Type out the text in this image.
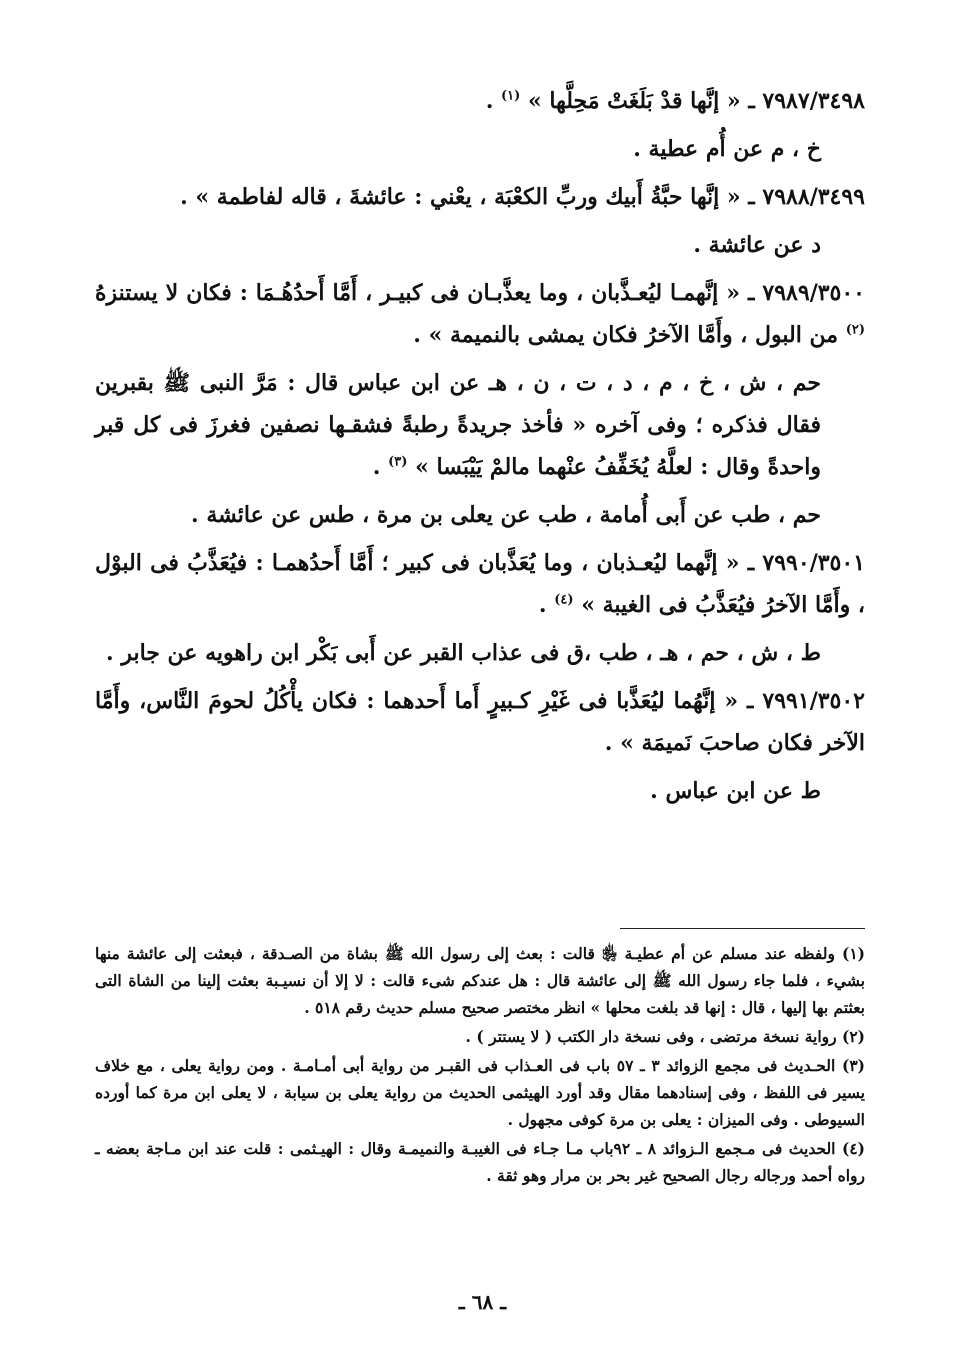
٧٩٨٧/٣٤٩٨ ـ « إنَّها قدْ بَلَغَتْ مَحِلَّها » $^{(١)}$ .

خ ، م عن أُم عطية .

٧٩٨٨/٣٤٩٩ ـ « إنَّها حبَّةُ أَبيك وربِّ الكعْبَة ، يعْني : عائشةَ ، قاله لفاطمة » .

د عن عائشة .

٧٩٨٩/٣٥٠٠ ـ « إنَّهمـا ليُعـذَّبان ، وما يعذَّبـان فى كبيـر ، أَمَّا أَحدُهُـمَا : فكان لا يستنزهُ $^{(٢)}$ من البول ، وأَمَّا الآخرُ فكان يمشى بالنميمة » .

حم ، ش ، خ ، م ، د ، ت ، ن ، هـ عن ابن عباس قال : مَرَّ النبى ﷺ بقبرين فقال فذكره ؛ وفى آخره « فأخذ جريدةً رطبةً فشقـها نصفين فغرزَ فى كل قبر واحدةً وقال : لعلَّهُ يُخَفِّفُ عنْهما مالمْ يَيْبَسا » $^{(٣)}$ .

حم ، طب عن أَبى أُمامة ، طب عن يعلى بن مرة ، طس عن عائشة .

٧٩٩٠/٣٥٠١ ـ « إنَّهما ليُعـذبان ، وما يُعَذَّبان فى كبير ؛ أَمَّا أَحدُهمـا : فيُعَذَّبُ فى البوْل ، وأَمَّا الآخرُ فيُعَذَّبُ فى الغيبة » $^{(٤)}$ .

ط ، ش ، حم ، هـ ، طب ،ق فى عذاب القبر عن أَبى بَكْر ابن راهويه عن جابر .

٧٩٩١/٣٥٠٢ ـ « إنَّهُما ليُعَذَّبا فى غَيْرِ كـبيرٍ أَما أَحدهما : فكان يأْكُلُ لحومَ النَّاس، وأَمَّا الآخر فكان صاحبَ نَميمَة » .

ط عن ابن عباس .

(١) ولفظه عند مسلم عن أم عطيـة ﵂ قالت : بعث إلى رسول الله ﷺ بشاة من الصـدقة ، فبعثت إلى عائشة منها بشيء ، فلما جاء رسول الله ﷺ إلى عائشة قال : هل عندكم شىء قالت : لا إلا أن نسيـبة بعثت إلينا من الشاة التى بعثتم بها إليها ، قال : إنها قد بلغت محلها » انظر مختصر صحيح مسلم حديث رقم ٥١٨ .

(٢) رواية نسخة مرتضى ، وفى نسخة دار الكتب ( لا يستتر ) .

(٣) الحـديث فى مجمع الزوائد ٣ ـ ٥٧ باب فى العـذاب فى القبـر من رواية أبى أمـامـة . ومن رواية يعلى ، مع خلاف يسير فى اللفظ ، وفى إسنادهما مقال وقد أورد الهيثمى الحديث من رواية يعلى بن سيابة ، لا يعلى ابن مرة كما أورده السيوطى . وفى الميزان : يعلى بن مرة كوفى مجهول .

(٤) الحديث فى مـجمع الـزوائد ٨ ـ ٩٢باب مـا جـاء فى الغيبـة والنميمـة وقال : الهيـثمى : قلت عند ابن مـاجة بعضه ـ رواه أحمد ورجاله رجال الصحيح غير بحر بن مرار وهو ثقة .

ـ ٦٨ ـ
